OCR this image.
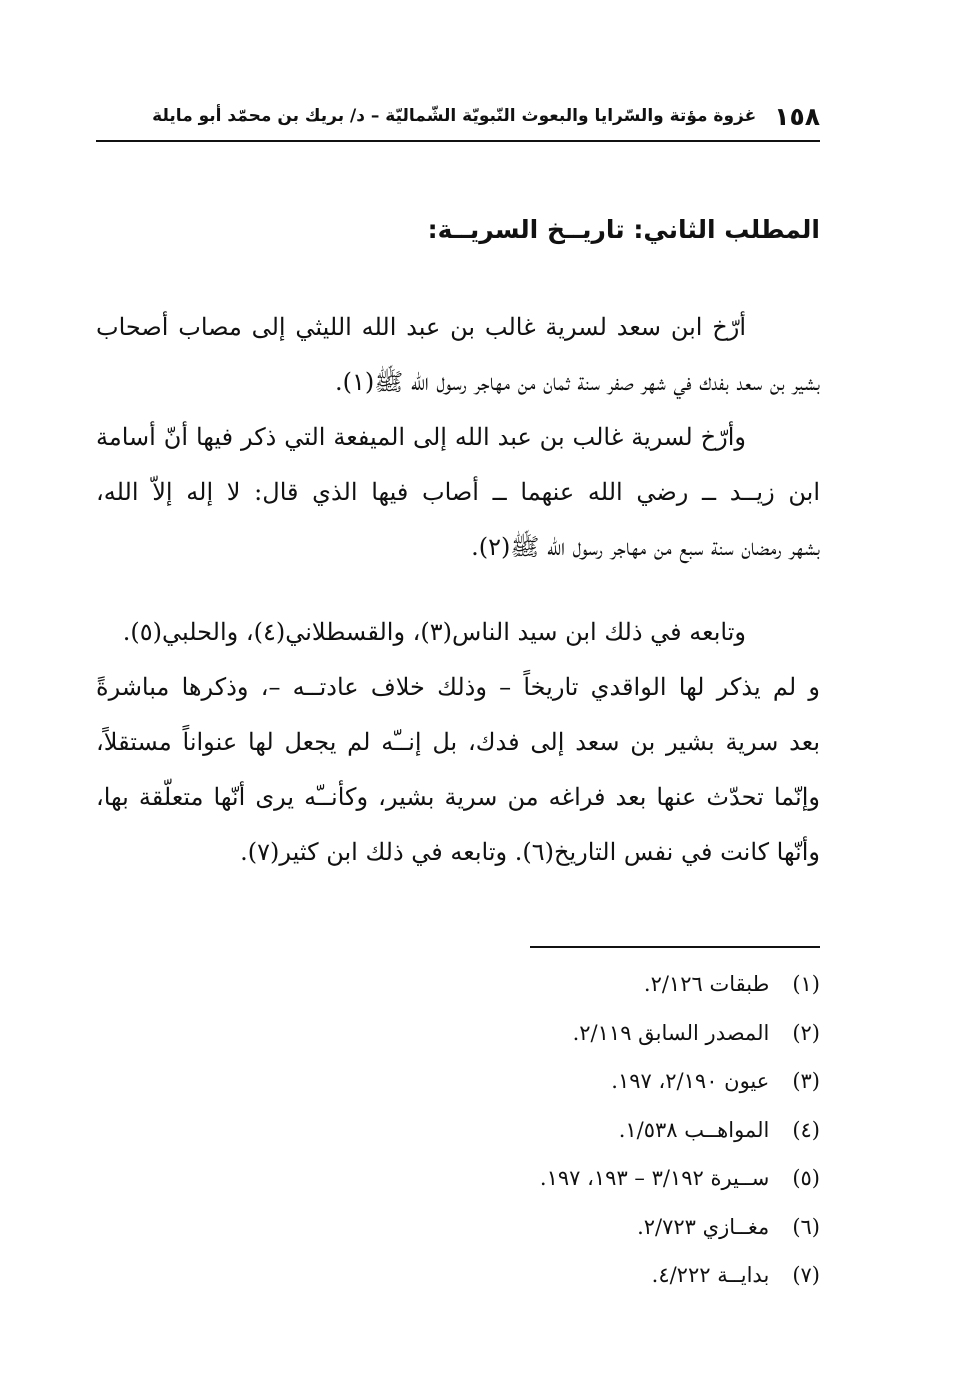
١٥٨
غزوة مؤتة والسّرايا والبعوث النّبويّة الشّماليّة – د/ بريك بن محمّد أبو مايلة
المطلب الثاني: تاريــخ السريــة:
أرّخ ابن سعد لسرية غالب بن عبد الله الليثي إلى مصاب أصحاب
بشير بن سعد بفدك في شهر صفر سنة ثمان من مهاجر رسول الله ﷺ(١).
وأرّخ لسرية غالب بن عبد الله إلى الميفعة التي ذكر فيها أنّ أسامة
ابن زيــد ــ رضي الله عنهما ــ أصاب فيها الذي قال: لا إله إلاّ الله،
بشهر رمضان سنة سبع من مهاجر رسول الله ﷺ(٢).
وتابعه في ذلك ابن سيد الناس(٣)، والقسطلاني(٤)، والحلبي(٥).
و لم يذكر لها الواقدي تاريخاً – وذلك خلاف عادتــه –، وذكرها مباشرةً
بعد سرية بشير بن سعد إلى فدك، بل إنــّه لم يجعل لها عنواناً مستقلاً،
وإنّما تحدّث عنها بعد فراغه من سرية بشير، وكأنــّه يرى أنّها متعلّقة بها،
وأنّها كانت في نفس التاريخ(٦). وتابعه في ذلك ابن كثير(٧).
(١) طبقات ٢/١٢٦.
(٢) المصدر السابق ٢/١١٩.
(٣) عيون ٢/١٩٠، ١٩٧.
(٤) المواهــب ١/٥٣٨.
(٥) ســيرة ٣/١٩٢ – ١٩٣، ١٩٧.
(٦) مغــازي ٢/٧٢٣.
(٧) بدايــة ٤/٢٢٢.
